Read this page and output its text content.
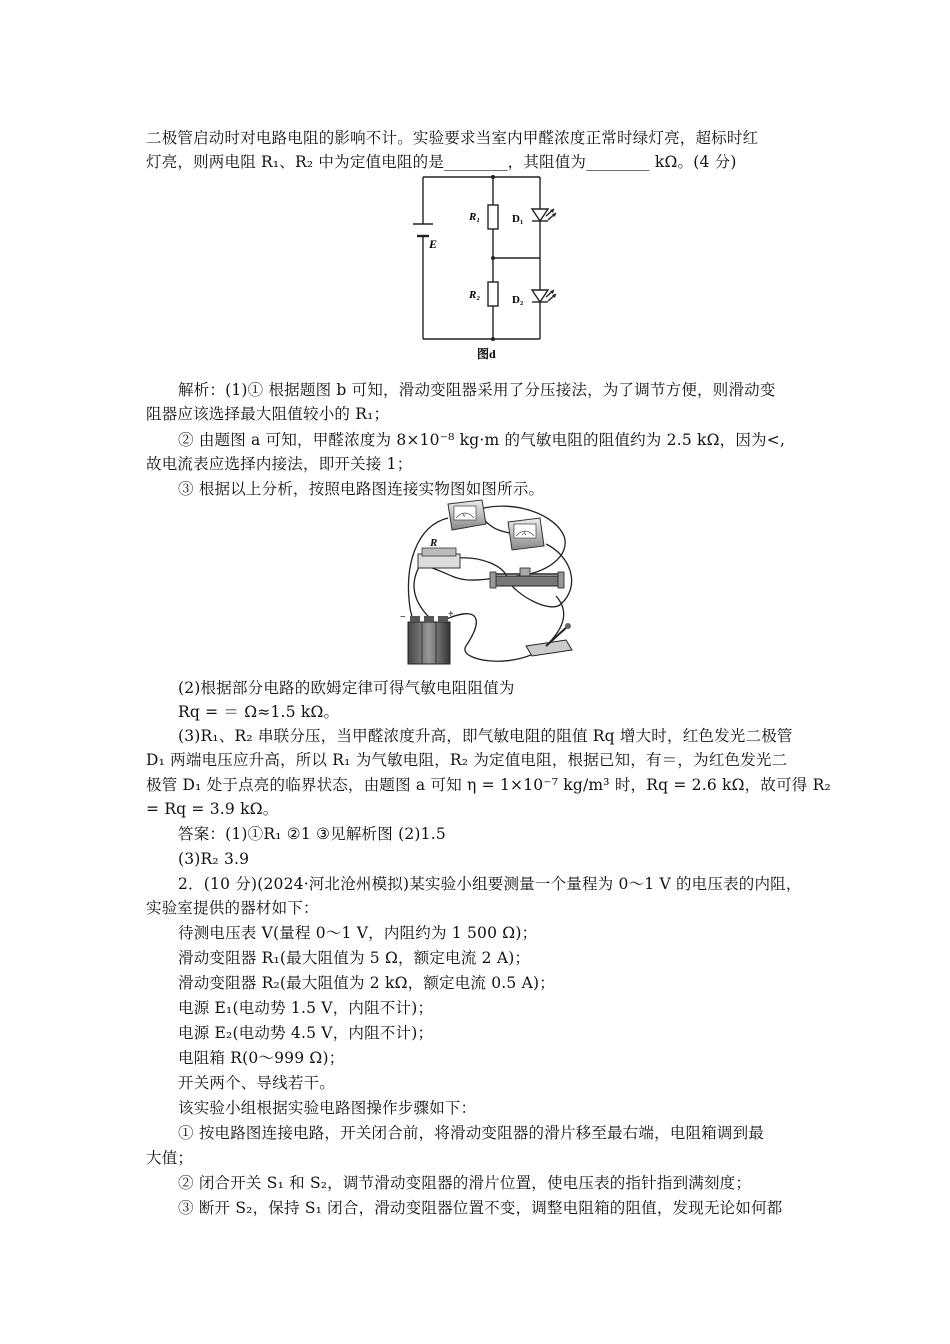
二极管启动时对电路电阻的影响不计。实验要求当室内甲醛浓度正常时绿灯亮，超标时红
灯亮，则两电阻 R₁、R₂ 中为定值电阻的是________，其阻值为________ kΩ。(4 分)
E
R₁
R₂
D₁
D₂
图d
解析：(1)① 根据题图 b 可知，滑动变阻器采用了分压接法，为了调节方便，则滑动变
阻器应该选择最大阻值较小的 R₁；
② 由题图 a 可知，甲醛浓度为 8×10⁻⁸ kg·m 的气敏电阻的阻值约为 2.5 kΩ，因为<,
故电流表应选择内接法，即开关接 1；
③ 根据以上分析，按照电路图连接实物图如图所示。
V
A
R
−	+
(2)根据部分电路的欧姆定律可得气敏电阻阻值为
Rq = ＝ Ω≈1.5 kΩ。
(3)R₁、R₂ 串联分压，当甲醛浓度升高，即气敏电阻的阻值 Rq 增大时，红色发光二极管
D₁ 两端电压应升高，所以 R₁ 为气敏电阻，R₂ 为定值电阻，根据已知，有＝，为红色发光二
极管 D₁ 处于点亮的临界状态，由题图 a 可知 η = 1×10⁻⁷ kg/m³ 时，Rq = 2.6 kΩ，故可得 R₂
= Rq = 3.9 kΩ。
答案：(1)①R₁ ②1 ③见解析图 (2)1.5
(3)R₂ 3.9
2．(10 分)(2024·河北沧州模拟)某实验小组要测量一个量程为 0～1 V 的电压表的内阻，
实验室提供的器材如下：
待测电压表 V(量程 0～1 V，内阻约为 1 500 Ω)；
滑动变阻器 R₁(最大阻值为 5 Ω，额定电流 2 A)；
滑动变阻器 R₂(最大阻值为 2 kΩ，额定电流 0.5 A)；
电源 E₁(电动势 1.5 V，内阻不计)；
电源 E₂(电动势 4.5 V，内阻不计)；
电阻箱 R(0～999 Ω)；
开关两个、导线若干。
该实验小组根据实验电路图操作步骤如下：
① 按电路图连接电路，开关闭合前，将滑动变阻器的滑片移至最右端，电阻箱调到最
大值；
② 闭合开关 S₁ 和 S₂，调节滑动变阻器的滑片位置，使电压表的指针指到满刻度；
③ 断开 S₂，保持 S₁ 闭合，滑动变阻器位置不变，调整电阻箱的阻值，发现无论如何都
